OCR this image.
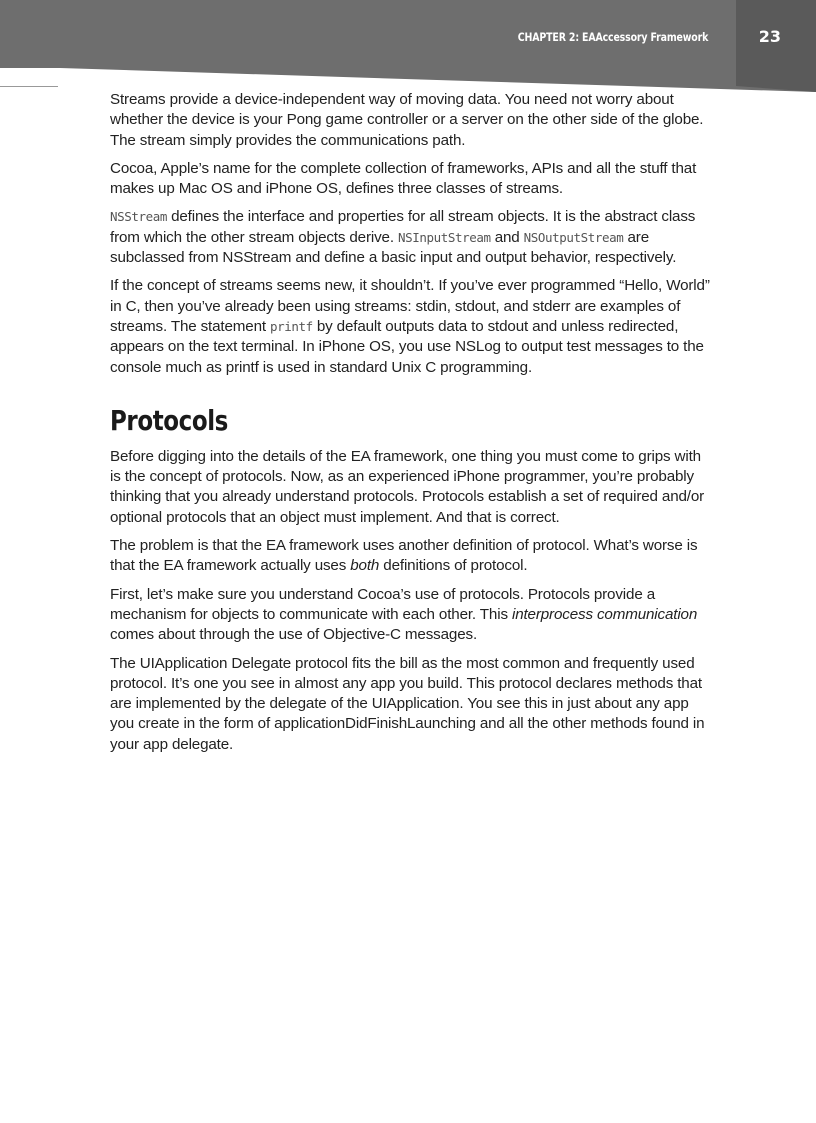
CHAPTER 2: EAAccessory Framework	23

Streams provide a device-independent way of moving data. You need not worry about whether the device is your Pong game controller or a server on the other side of the globe. The stream simply provides the communications path.

Cocoa, Apple’s name for the complete collection of frameworks, APIs and all the stuff that makes up Mac OS and iPhone OS, defines three classes of streams.

NSStream defines the interface and properties for all stream objects. It is the abstract class from which the other stream objects derive. NSInputStream and NSOutputStream are subclassed from NSStream and define a basic input and output behavior, respectively.

If the concept of streams seems new, it shouldn’t. If you’ve ever programmed “Hello, World” in C, then you’ve already been using streams: stdin, stdout, and stderr are examples of streams. The statement printf by default outputs data to stdout and unless redirected, appears on the text terminal. In iPhone OS, you use NSLog to output test messages to the console much as printf is used in standard Unix C programming.

Protocols

Before digging into the details of the EA framework, one thing you must come to grips with is the concept of protocols. Now, as an experienced iPhone programmer, you’re probably thinking that you already understand protocols. Protocols establish a set of required and/or optional protocols that an object must implement. And that is correct.

The problem is that the EA framework uses another definition of protocol. What’s worse is that the EA framework actually uses both definitions of protocol.

First, let’s make sure you understand Cocoa’s use of protocols. Protocols provide a mechanism for objects to communicate with each other. This interprocess communication comes about through the use of Objective-C messages.

The UIApplication Delegate protocol fits the bill as the most common and frequently used protocol. It’s one you see in almost any app you build. This protocol declares methods that are implemented by the delegate of the UIApplication. You see this in just about any app you create in the form of applicationDidFinishLaunching and all the other methods found in your app delegate.
